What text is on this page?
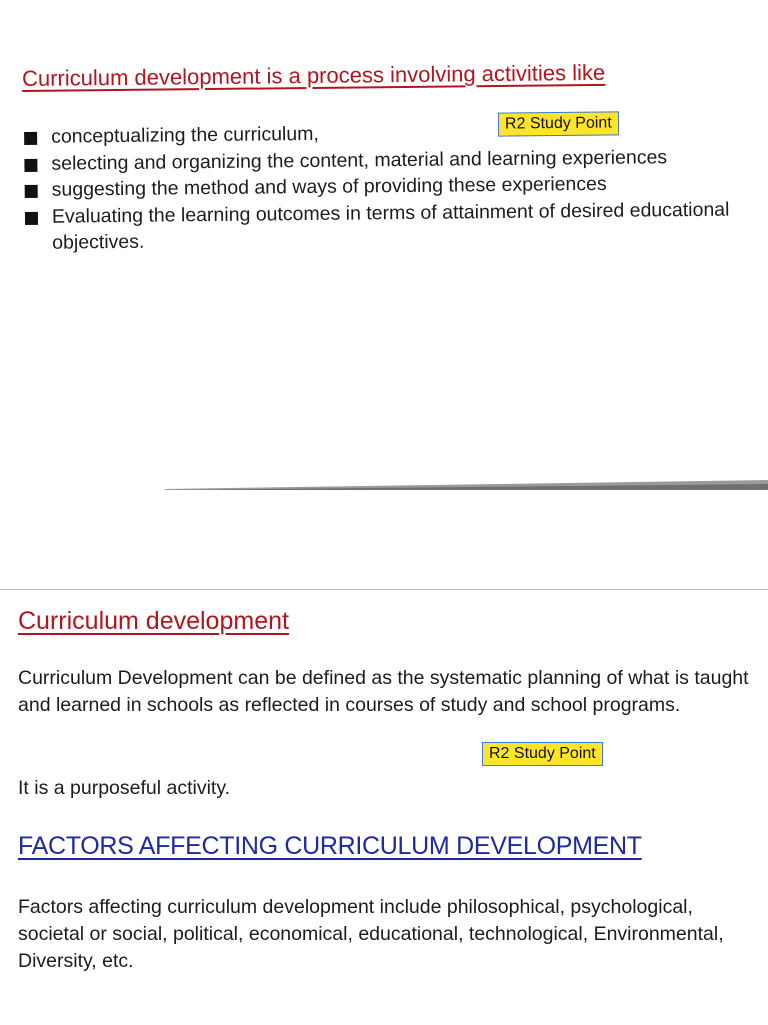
Curriculum development is a process involving activities like
R2 Study Point
conceptualizing the curriculum,
selecting and organizing the content, material and learning experiences
suggesting the method and ways of providing these experiences
Evaluating the learning outcomes in terms of attainment of desired educational objectives.
Curriculum development

Curriculum Development can be defined as the systematic planning of what is taught and learned in schools as reflected in courses of study and school programs.

R2 Study Point

It is a purposeful activity.

FACTORS AFFECTING CURRICULUM DEVELOPMENT

Factors affecting curriculum development include philosophical, psychological, societal or social, political, economical, educational, technological, Environmental, Diversity, etc.
